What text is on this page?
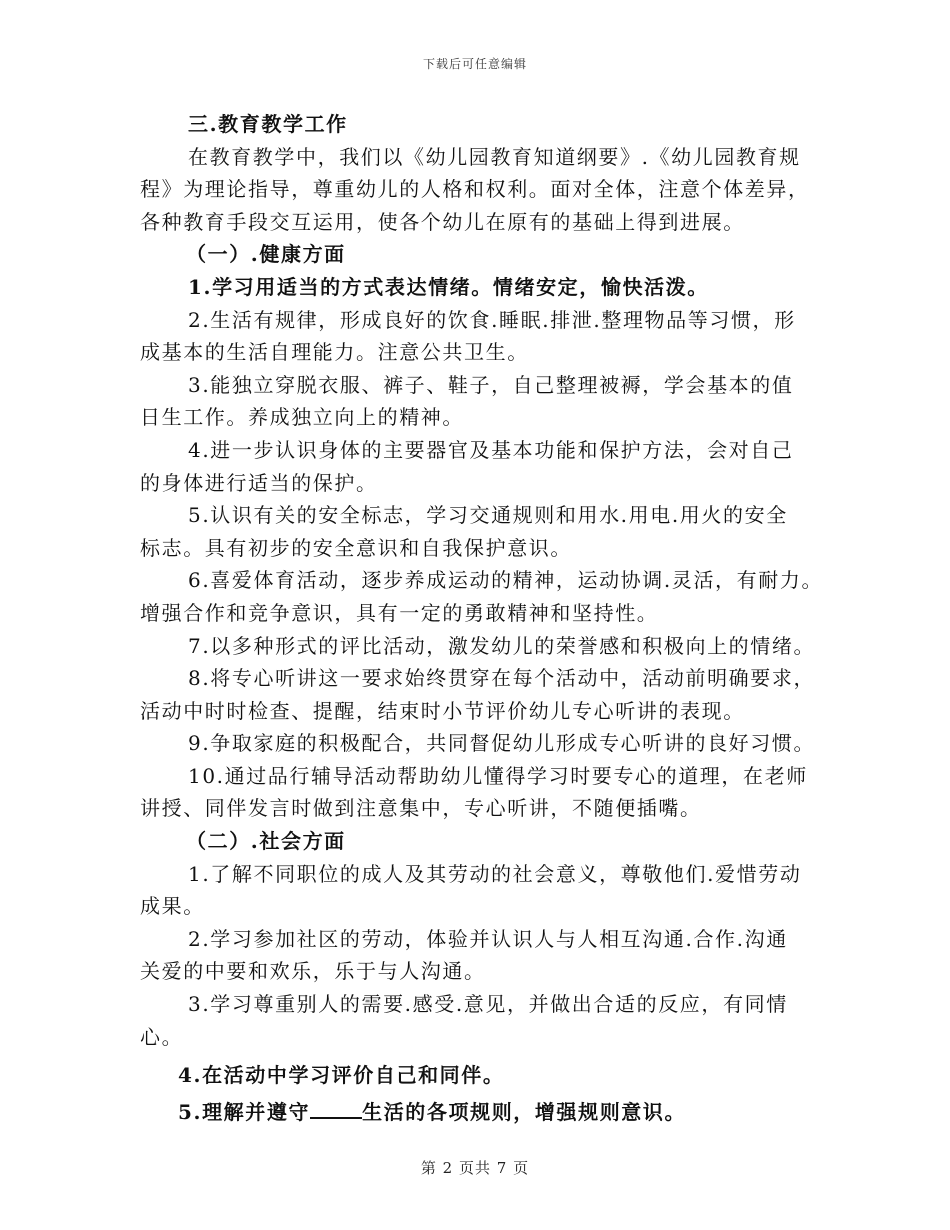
下载后可任意编辑
三.教育教学工作
在教育教学中，我们以《幼儿园教育知道纲要》.《幼儿园教育规
程》为理论指导，尊重幼儿的人格和权利。面对全体，注意个体差异，
各种教育手段交互运用，使各个幼儿在原有的基础上得到进展。
（一）.健康方面
1.学习用适当的方式表达情绪。情绪安定，愉快活泼。
2.生活有规律，形成良好的饮食.睡眠.排泄.整理物品等习惯，形
成基本的生活自理能力。注意公共卫生。
3.能独立穿脱衣服、裤子、鞋子，自己整理被褥，学会基本的值
日生工作。养成独立向上的精神。
4.进一步认识身体的主要器官及基本功能和保护方法，会对自己
的身体进行适当的保护。
5.认识有关的安全标志，学习交通规则和用水.用电.用火的安全
标志。具有初步的安全意识和自我保护意识。
6.喜爱体育活动，逐步养成运动的精神，运动协调.灵活，有耐力。
增强合作和竞争意识，具有一定的勇敢精神和坚持性。
7.以多种形式的评比活动，激发幼儿的荣誉感和积极向上的情绪。
8.将专心听讲这一要求始终贯穿在每个活动中，活动前明确要求，
活动中时时检查、提醒，结束时小节评价幼儿专心听讲的表现。
9.争取家庭的积极配合，共同督促幼儿形成专心听讲的良好习惯。
10.通过品行辅导活动帮助幼儿懂得学习时要专心的道理，在老师
讲授、同伴发言时做到注意集中，专心听讲，不随便插嘴。
（二）.社会方面
1.了解不同职位的成人及其劳动的社会意义，尊敬他们.爱惜劳动
成果。
2.学习参加社区的劳动，体验并认识人与人相互沟通.合作.沟通
关爱的中要和欢乐，乐于与人沟通。
3.学习尊重别人的需要.感受.意见，并做出合适的反应，有同情
心。
4.在活动中学习评价自己和同伴。
5.理解并遵守	生活的各项规则，增强规则意识。
第 2 页共 7 页
